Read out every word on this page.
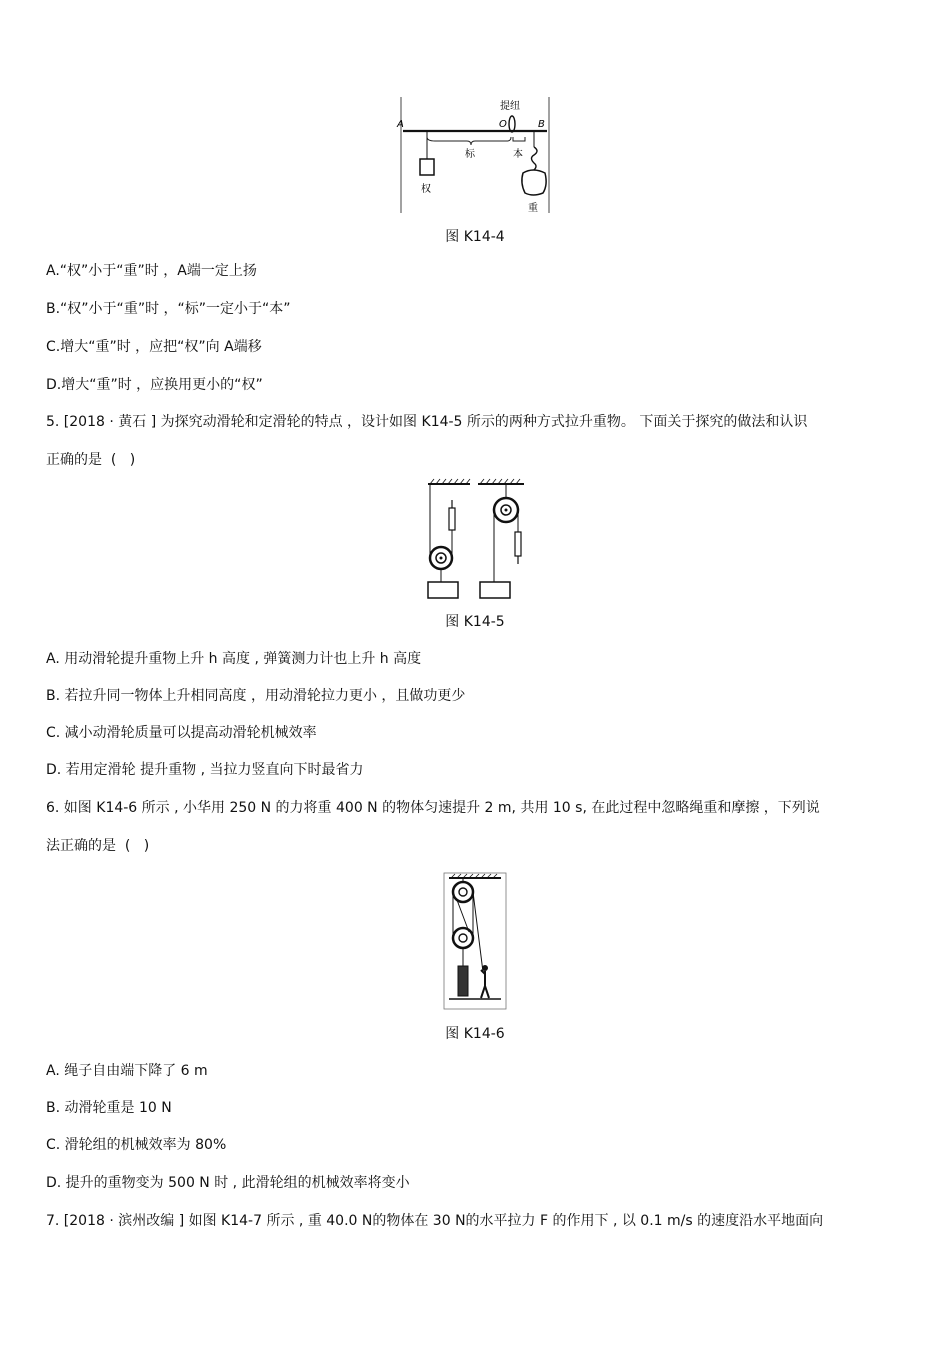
A
提纽
O	B
标	本
权
重
图 K14-4
A.“权”小于“重”时 ，A端一定上扬
B.“权”小于“重”时 ，“标”一定小于“本”
C.增大“重”时 ，应把“权”向 A端移
D.增大“重”时 ，应换用更小的“权”
5. [2018 · 黄石 ] 为探究动滑轮和定滑轮的特点 ，设计如图 K14-5 所示的两种方式拉升重物。 下面关于探究的做法和认识
正确的是  (   )
图 K14-5
A. 用动滑轮提升重物上升 h 高度 , 弹簧测力计也上升 h 高度
B. 若拉升同一物体上升相同高度 ，用动滑轮拉力更小 ，且做功更少
C. 减小动滑轮质量可以提高动滑轮机械效率
D. 若用定滑轮 提升重物 , 当拉力竖直向下时最省力
6. 如图 K14-6 所示 , 小华用 250 N 的力将重 400 N 的物体匀速提升 2 m, 共用 10 s, 在此过程中忽略绳重和摩擦 ，下列说
法正确的是  (   )
图 K14-6
A. 绳子自由端下降了 6 m
B. 动滑轮重是 10 N
C. 滑轮组的机械效率为 80%
D. 提升的重物变为 500 N 时 , 此滑轮组的机械效率将变小
7. [2018 · 滨州改编 ] 如图 K14-7 所示 , 重 40.0 N的物体在 30 N的水平拉力 F 的作用下 , 以 0.1 m/s 的速度沿水平地面向
